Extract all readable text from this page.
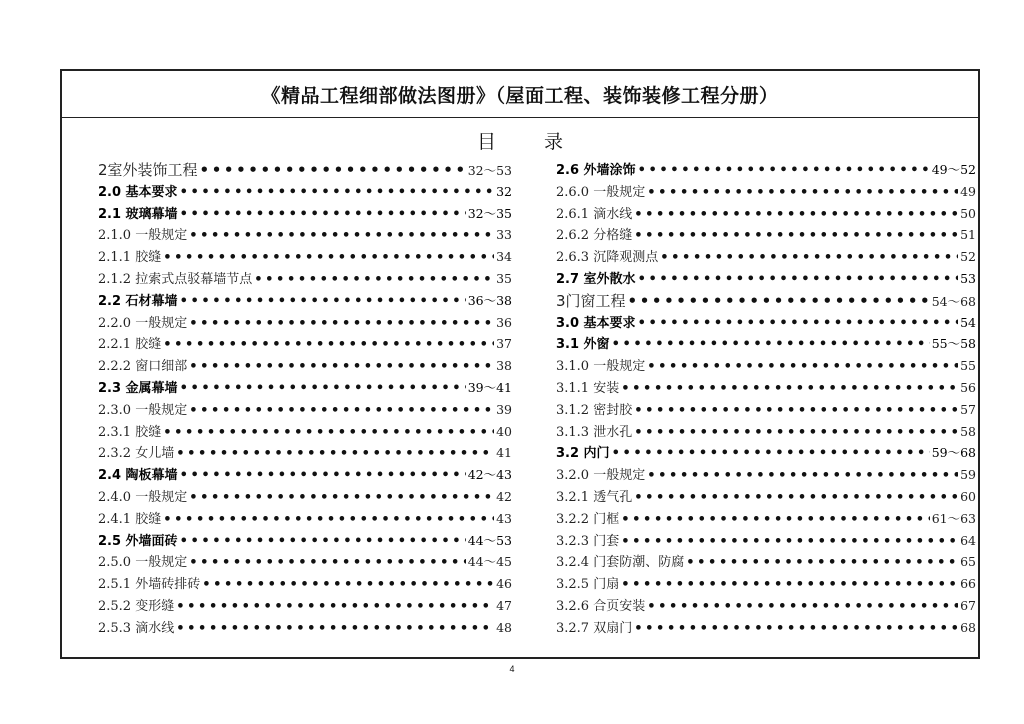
《精品工程细部做法图册》（屋面工程、装饰装修工程分册）
目录
2室外装饰工程 •••••	32～53
2.0 基本要求 •••••	32
2.1 玻璃幕墙 •••••	32～35
2.1.0 一般规定 •••••	33
2.1.1 胶缝 •••••	34
2.1.2 拉索式点驳幕墙节点 •••••	35
2.2 石材幕墙 •••••	36～38
2.2.0 一般规定 •••••	36
2.2.1 胶缝 •••••	37
2.2.2 窗口细部 •••••	38
2.3 金属幕墙 •••••	39～41
2.3.0 一般规定 •••••	39
2.3.1 胶缝 •••••	40
2.3.2 女儿墙 •••••	41
2.4 陶板幕墙 •••••	42～43
2.4.0 一般规定 •••••	42
2.4.1 胶缝 •••••	43
2.5 外墙面砖 •••••	44～53
2.5.0 一般规定 •••••	44～45
2.5.1 外墙砖排砖 •••••	46
2.5.2 变形缝 •••••	47
2.5.3 滴水线 •••••	48
2.6 外墙涂饰 •••••	49～52
2.6.0 一般规定 •••••	49
2.6.1 滴水线 •••••	50
2.6.2 分格缝 •••••	51
2.6.3 沉降观测点 •••••	52
2.7 室外散水 •••••	53
3门窗工程 •••••	54～68
3.0 基本要求 •••••	54
3.1 外窗 •••••	55～58
3.1.0 一般规定 •••••	55
3.1.1 安装 •••••	56
3.1.2 密封胶 •••••	57
3.1.3 泄水孔 •••••	58
3.2 内门 •••••	59～68
3.2.0 一般规定 •••••	59
3.2.1 透气孔 •••••	60
3.2.2 门框 •••••	61～63
3.2.3 门套 •••••	64
3.2.4 门套防潮、防腐 •••••	65
3.2.5 门扇 •••••	66
3.2.6 合页安装 •••••	67
3.2.7 双扇门 •••••	68
4
